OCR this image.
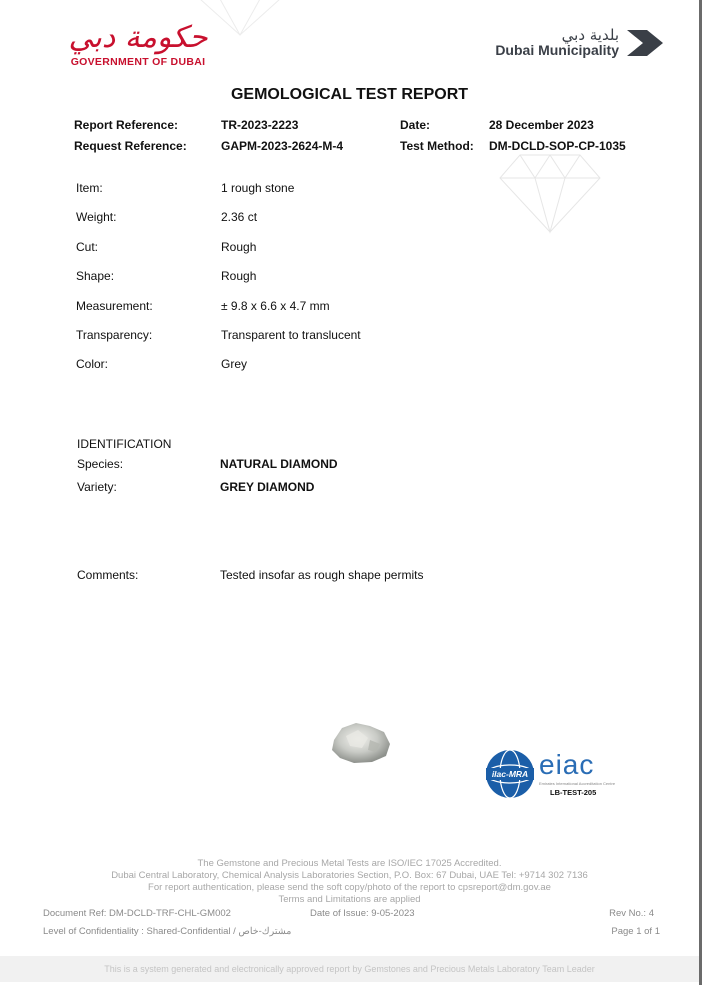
حكومة دبي
GOVERNMENT OF DUBAI
بلدية دبي
Dubai Municipality
GEMOLOGICAL TEST REPORT
Report Reference:	TR-2023-2223	Date:	28 December 2023
Request Reference:	GAPM-2023-2624-M-4	Test Method: DM-DCLD-SOP-CP-1035
Item:	1 rough stone
Weight:	2.36 ct
Cut:	Rough
Shape:	Rough
Measurement:	± 9.8 x 6.6 x 4.7 mm
Transparency:	Transparent to translucent
Color:	Grey
IDENTIFICATION
Species:	NATURAL DIAMOND
Variety:	GREY DIAMOND
Comments:	Tested insofar as rough shape permits
ilac-MRA eiac
Emirates International Accreditation Centre
LB-TEST-205
The Gemstone and Precious Metal Tests are ISO/IEC 17025 Accredited.
Dubai Central Laboratory, Chemical Analysis Laboratories Section, P.O. Box: 67 Dubai, UAE Tel: +9714 302 7136
For report authentication, please send the soft copy/photo of the report to cpsreport@dm.gov.ae
Terms and Limitations are applied
Document Ref: DM-DCLD-TRF-CHL-GM002	Date of Issue: 9-05-2023	Rev No.: 4
Level of Confidentiality : Shared-Confidential / مشترك-خاص	Page 1 of 1
This is a system generated and electronically approved report by Gemstones and Precious Metals Laboratory Team Leader
